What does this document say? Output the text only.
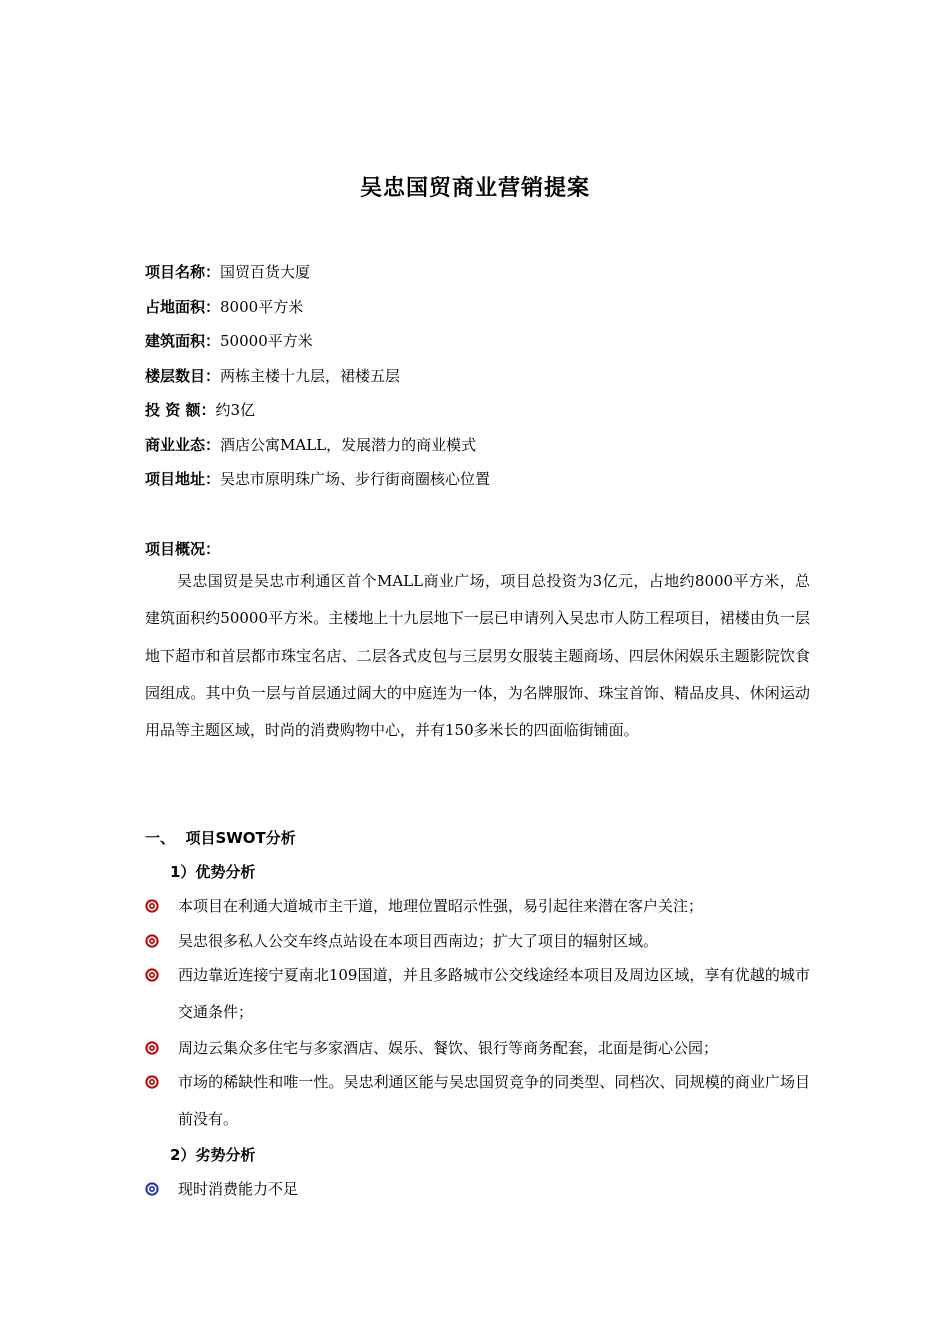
吴忠国贸商业营销提案
项目名称：国贸百货大厦
占地面积：8000平方米
建筑面积：50000平方米
楼层数目：两栋主楼十九层，裙楼五层
投 资 额：约3亿
商业业态：酒店公寓MALL，发展潜力的商业模式
项目地址：吴忠市原明珠广场、步行街商圈核心位置
项目概况：
吴忠国贸是吴忠市利通区首个MALL商业广场，项目总投资为3亿元，占地约8000平方米，总建筑面积约50000平方米。主楼地上十九层地下一层已申请列入吴忠市人防工程项目，裙楼由负一层地下超市和首层都市珠宝名店、二层各式皮包与三层男女服装主题商场、四层休闲娱乐主题影院饮食园组成。其中负一层与首层通过阔大的中庭连为一体，为名牌服饰、珠宝首饰、精品皮具、休闲运动用品等主题区域，时尚的消费购物中心，并有150多米长的四面临街铺面。
一、  项目SWOT分析
1）优势分析
本项目在利通大道城市主干道，地理位置昭示性强，易引起往来潜在客户关注；
吴忠很多私人公交车终点站设在本项目西南边；扩大了项目的辐射区域。
西边靠近连接宁夏南北109国道，并且多路城市公交线途经本项目及周边区域，享有优越的城市交通条件；
周边云集众多住宅与多家酒店、娱乐、餐饮、银行等商务配套，北面是街心公园；
市场的稀缺性和唯一性。吴忠利通区能与吴忠国贸竞争的同类型、同档次、同规模的商业广场目前没有。
2）劣势分析
现时消费能力不足
